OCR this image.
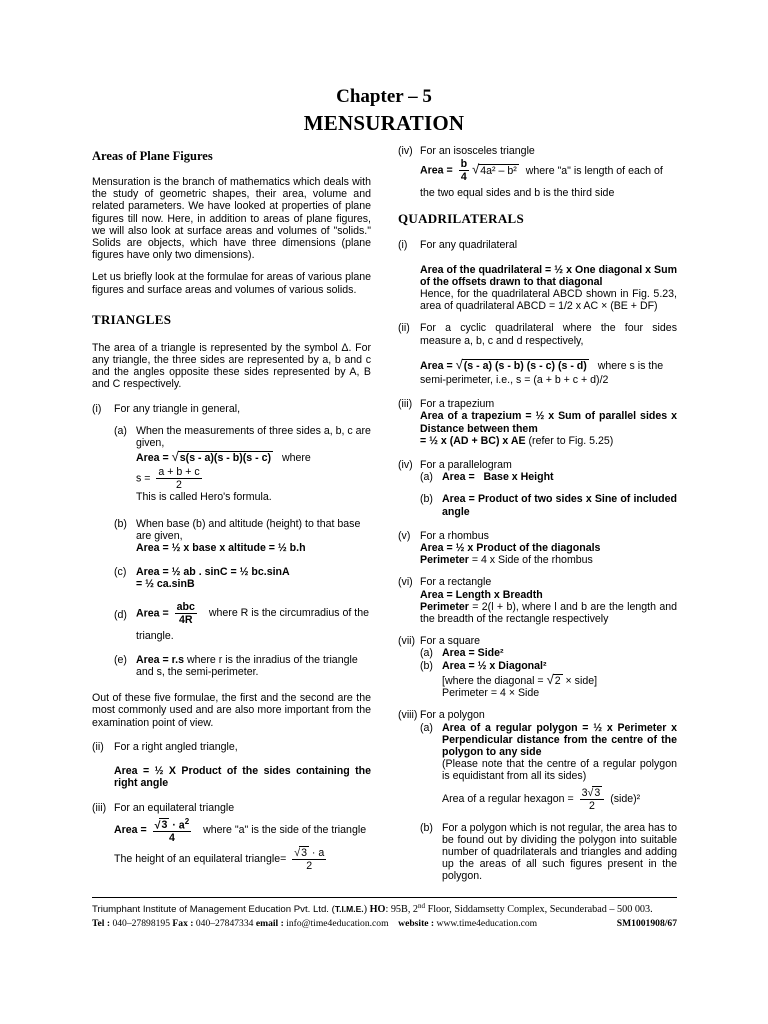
Chapter – 5
MENSURATION
Areas of Plane Figures

Mensuration is the branch of mathematics which deals with the study of geometric shapes, their area, volume and related parameters. We have looked at properties of plane figures till now. Here, in addition to areas of plane figures, we will also look at surface areas and volumes of "solids." Solids are objects, which have three dimensions (plane figures have only two dimensions).

Let us briefly look at the formulae for areas of various plane figures and surface areas and volumes of various solids.

TRIANGLES

The area of a triangle is represented by the symbol Δ. For any triangle, the three sides are represented by a, b and c and the angles opposite these sides represented by A, B and C respectively.

(i)	For any triangle in general,
(a) When the measurements of three sides a, b, c are given,
Area = √s(s - a)(s - b)(s - c) where
$s = \frac{a + b + c}{2}$
This is called Hero's formula.
(b) When base (b) and altitude (height) to that base are given,
Area = ½ x base x altitude = ½ b.h
(c) Area = ½ ab . sinC = ½ bc.sinA
= ½ ca.sinB
(d) Area = $\frac{\text{abc}}{4R}$ where R is the circumradius of the
triangle.
(e) Area = r.s where r is the inradius of the triangle and s, the semi-perimeter.

Out of these five formulae, the first and the second are the most commonly used and are also more important from the examination point of view.

(ii) For a right angled triangle,
Area = ½ X Product of the sides containing the right angle
(iii) For an equilateral triangle
Area = $\frac{√3 \cdot a^2}{4}$ where "a" is the side of the triangle
The height of an equilateral triangle= $\frac{√3 \cdot a}{2}$
(iv) For an isosceles triangle
Area = $\frac{b}{4} √4a^2 - b^2$ where "a" is length of each of
the two equal sides and b is the third side
QUADRILATERALS
(i)	For any quadrilateral
Area of the quadrilateral = ½ x One diagonal x Sum of the offsets drawn to that diagonal
Hence, for the quadrilateral ABCD shown in Fig. 5.23, area of quadrilateral ABCD = 1/2 x AC × (BE + DF)
(ii) For a cyclic quadrilateral where the four sides measure a, b, c and d respectively,
Area = √(s - a) (s - b) (s - c) (s - d) where s is the
semi-perimeter, i.e., s = (a + b + c + d)/2
(iii) For a trapezium
Area of a trapezium = ½ x Sum of parallel sides x Distance between them
= ½ x (AD + BC) x AE (refer to Fig. 5.25)
(iv) For a parallelogram
(a) Area =   Base x Height
(b) Area = Product of two sides x Sine of included angle
(v) For a rhombus
Area = ½ x Product of the diagonals
Perimeter = 4 x Side of the rhombus
(vi) For a rectangle
Area = Length x Breadth
Perimeter = 2(l + b), where l and b are the length and the breadth of the rectangle respectively
(vii) For a square
(a) Area = Side²
(b) Area = ½ x Diagonal²
[where the diagonal = √2 × side]
Perimeter = 4 × Side
(viii) For a polygon
(a) Area of a regular polygon = ½ x Perimeter x Perpendicular distance from the centre of the polygon to any side
(Please note that the centre of a regular polygon is equidistant from all its sides)
Area of a regular hexagon = $\frac{3√3}{2}$ (side)²
(b) For a polygon which is not regular, the area has to be found out by dividing the polygon into suitable number of quadrilaterals and triangles and adding up the areas of all such figures present in the polygon.
Triumphant Institute of Management Education Pvt. Ltd. (T.I.M.E.) HO: 95B, 2nd Floor, Siddamsetty Complex, Secunderabad – 500 003.
Tel : 040–27898195 Fax : 040–27847334 email : info@time4education.com website : www.time4education.com	SM1001908/67
